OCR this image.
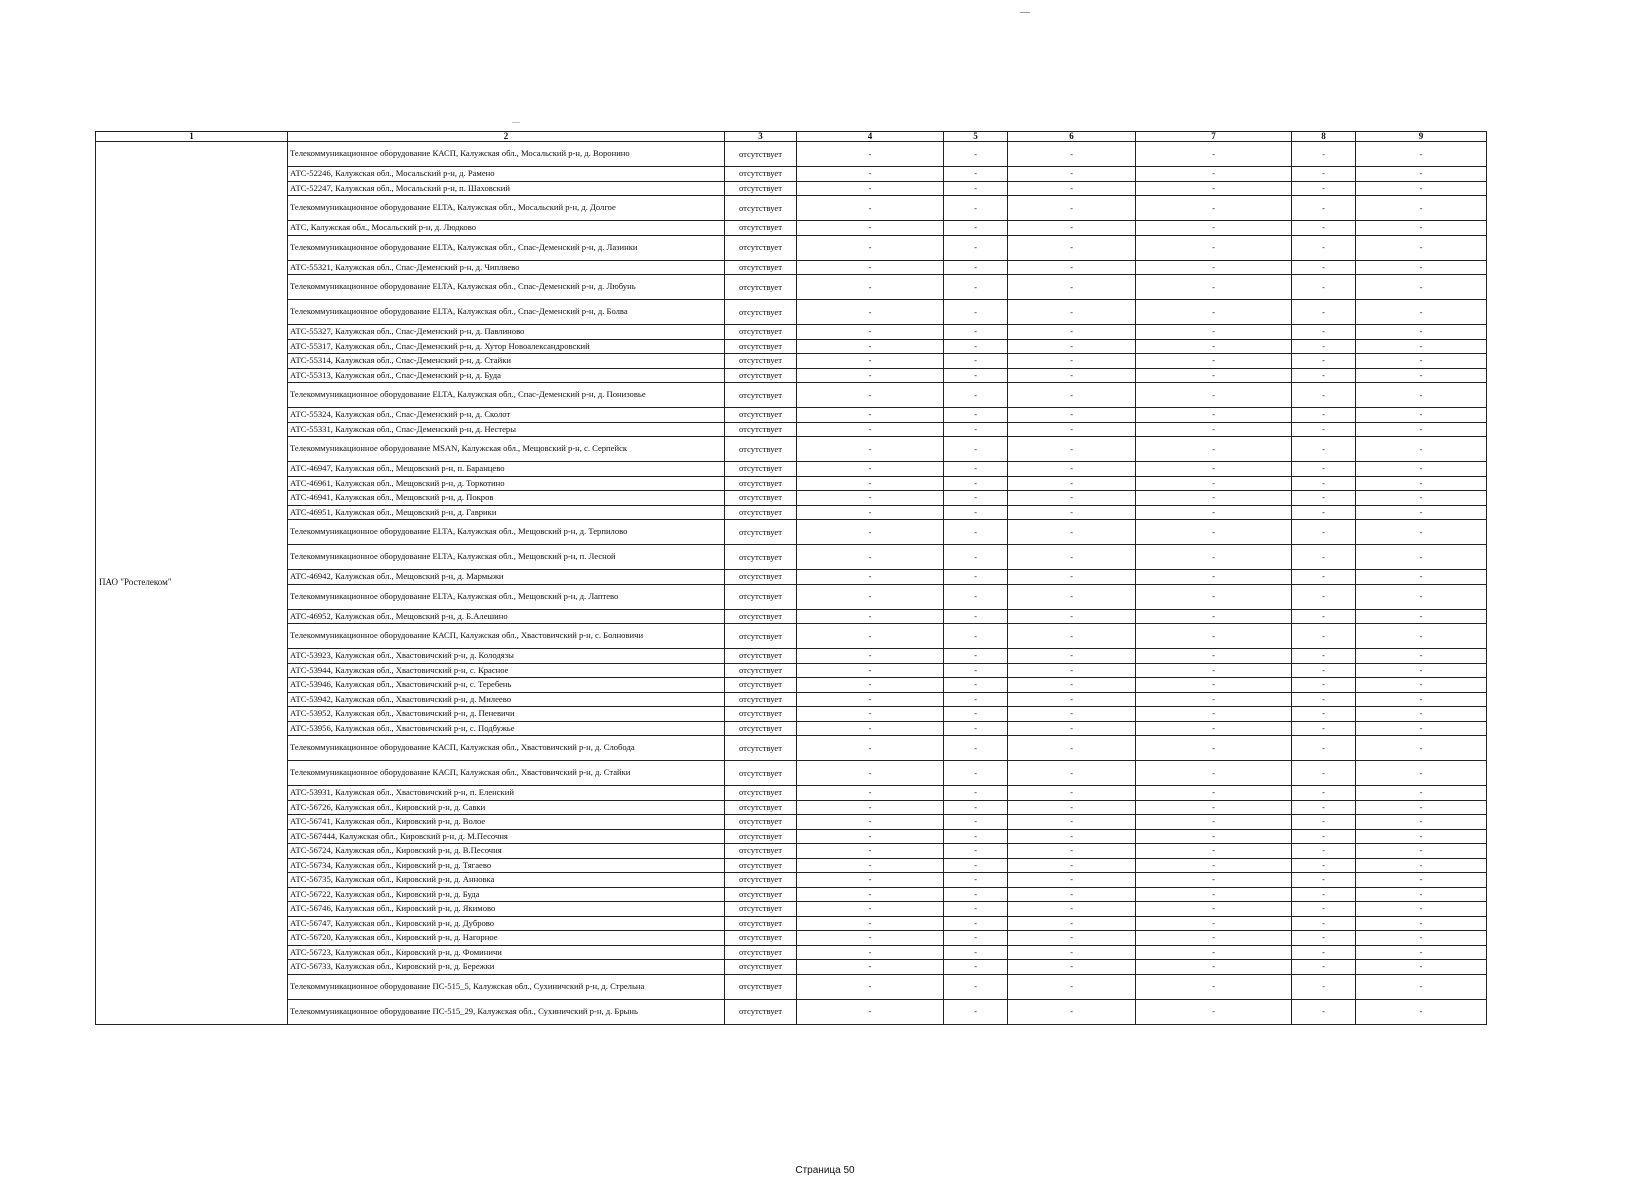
1	2	3	4	5	6	7	8	9
ПАО "Ростелеком"	Телекоммуникационное оборудование КАСП, Калужская обл., Мосальский р-н, д. Воронино	отсутствует	-	-	-	-	-	-
	АТС-52246, Калужская обл., Мосальский р-н, д. Рамено	отсутствует	-	-	-	-	-	-
	АТС-52247, Калужская обл., Мосальский р-н, п. Шаховский	отсутствует	-	-	-	-	-	-
	Телекоммуникационное оборудование ELTA, Калужская обл., Мосальский р-н, д. Долгое	отсутствует	-	-	-	-	-	-
	АТС, Калужская обл., Мосальский р-н, д. Людково	отсутствует	-	-	-	-	-	-
	Телекоммуникационное оборудование ELTA, Калужская обл., Спас-Деменский р-н, д. Лазинки	отсутствует	-	-	-	-	-	-
	АТС-55321, Калужская обл., Спас-Деменский р-н, д. Чипляево	отсутствует	-	-	-	-	-	-
	Телекоммуникационное оборудование ELTA, Калужская обл., Спас-Деменский р-н, д. Любунь	отсутствует	-	-	-	-	-	-
	Телекоммуникационное оборудование ELTA, Калужская обл., Спас-Деменский р-н, д. Болва	отсутствует	-	-	-	-	-	-
	АТС-55327, Калужская обл., Спас-Деменский р-н, д. Павлиново	отсутствует	-	-	-	-	-	-
	АТС-55317, Калужская обл., Спас-Деменский р-н, д. Хутор Новоалександровский	отсутствует	-	-	-	-	-	-
	АТС-55314, Калужская обл., Спас-Деменский р-н, д. Стайки	отсутствует	-	-	-	-	-	-
	АТС-55313, Калужская обл., Спас-Деменский р-н, д. Буда	отсутствует	-	-	-	-	-	-
	Телекоммуникационное оборудование ELTA, Калужская обл., Спас-Деменский р-н, д. Понизовье	отсутствует	-	-	-	-	-	-
	АТС-55324, Калужская обл., Спас-Деменский р-н, д. Сколот	отсутствует	-	-	-	-	-	-
	АТС-55331, Калужская обл., Спас-Деменский р-н, д. Нестеры	отсутствует	-	-	-	-	-	-
	Телекоммуникационное оборудование MSAN, Калужская обл., Мещовский р-н, с. Серпейск	отсутствует	-	-	-	-	-	-
	АТС-46947, Калужская обл., Мещовский р-н, п. Баранцево	отсутствует	-	-	-	-	-	-
	АТС-46961, Калужская обл., Мещовский р-н, д. Торкотино	отсутствует	-	-	-	-	-	-
	АТС-46941, Калужская обл., Мещовский р-н, д. Покров	отсутствует	-	-	-	-	-	-
	АТС-46951, Калужская обл., Мещовский р-н, д. Гаврики	отсутствует	-	-	-	-	-	-
	Телекоммуникационное оборудование ELTA, Калужская обл., Мещовский р-н, д. Терпилово	отсутствует	-	-	-	-	-	-
	Телекоммуникационное оборудование ELTA, Калужская обл., Мещовский р-н, п. Лесной	отсутствует	-	-	-	-	-	-
	АТС-46942, Калужская обл., Мещовский р-н, д. Мармыжи	отсутствует	-	-	-	-	-	-
	Телекоммуникационное оборудование ELTA, Калужская обл., Мещовский р-н, д. Лаптево	отсутствует	-	-	-	-	-	-
	АТС-46952, Калужская обл., Мещовский р-н, д. Б.Алешино	отсутствует	-	-	-	-	-	-
	Телекоммуникационное оборудование КАСП, Калужская обл., Хвастовичский р-н, с. Болновичи	отсутствует	-	-	-	-	-	-
	АТС-53923, Калужская обл., Хвастовичский р-н, д. Колодязы	отсутствует	-	-	-	-	-	-
	АТС-53944, Калужская обл., Хвастовичский р-н, с. Красное	отсутствует	-	-	-	-	-	-
	АТС-53946, Калужская обл., Хвастовичский р-н, с. Теребень	отсутствует	-	-	-	-	-	-
	АТС-53942, Калужская обл., Хвастовичский р-н, д. Милеево	отсутствует	-	-	-	-	-	-
	АТС-53952, Калужская обл., Хвастовичский р-н, д. Пеневичи	отсутствует	-	-	-	-	-	-
	АТС-53956, Калужская обл., Хвастовичский р-н, с. Подбужье	отсутствует	-	-	-	-	-	-
	Телекоммуникационное оборудование КАСП, Калужская обл., Хвастовичский р-н, д. Слобода	отсутствует	-	-	-	-	-	-
	Телекоммуникационное оборудование КАСП, Калужская обл., Хвастовичский р-н, д. Стайки	отсутствует	-	-	-	-	-	-
	АТС-53931, Калужская обл., Хвастовичский р-н, п. Еленский	отсутствует	-	-	-	-	-	-
	АТС-56726, Калужская обл., Кировский р-н, д. Савки	отсутствует	-	-	-	-	-	-
	АТС-56741, Калужская обл., Кировский р-н, д. Волое	отсутствует	-	-	-	-	-	-
	АТС-567444, Калужская обл., Кировский р-н, д. М.Песочня	отсутствует	-	-	-	-	-	-
	АТС-56724, Калужская обл., Кировский р-н, д. В.Песочня	отсутствует	-	-	-	-	-	-
	АТС-56734, Калужская обл., Кировский р-н, д. Тягаево	отсутствует	-	-	-	-	-	-
	АТС-56735, Калужская обл., Кировский р-н, д. Анновка	отсутствует	-	-	-	-	-	-
	АТС-56722, Калужская обл., Кировский р-н, д. Буда	отсутствует	-	-	-	-	-	-
	АТС-56746, Калужская обл., Кировский р-н, д. Якимово	отсутствует	-	-	-	-	-	-
	АТС-56747, Калужская обл., Кировский р-н, д. Дуброво	отсутствует	-	-	-	-	-	-
	АТС-56720, Калужская обл., Кировский р-н, д. Нагорное	отсутствует	-	-	-	-	-	-
	АТС-56723, Калужская обл., Кировский р-н, д. Фоминичи	отсутствует	-	-	-	-	-	-
	АТС-56733, Калужская обл., Кировский р-н, д. Бережки	отсутствует	-	-	-	-	-	-
	Телекоммуникационное оборудование ПС-515_5, Калужская обл., Сухиничский р-н, д. Стрельна	отсутствует	-	-	-	-	-	-
	Телекоммуникационное оборудование ПС-515_29, Калужская обл., Сухиничский р-н, д. Брынь	отсутствует	-	-	-	-	-	-
Страница 50
